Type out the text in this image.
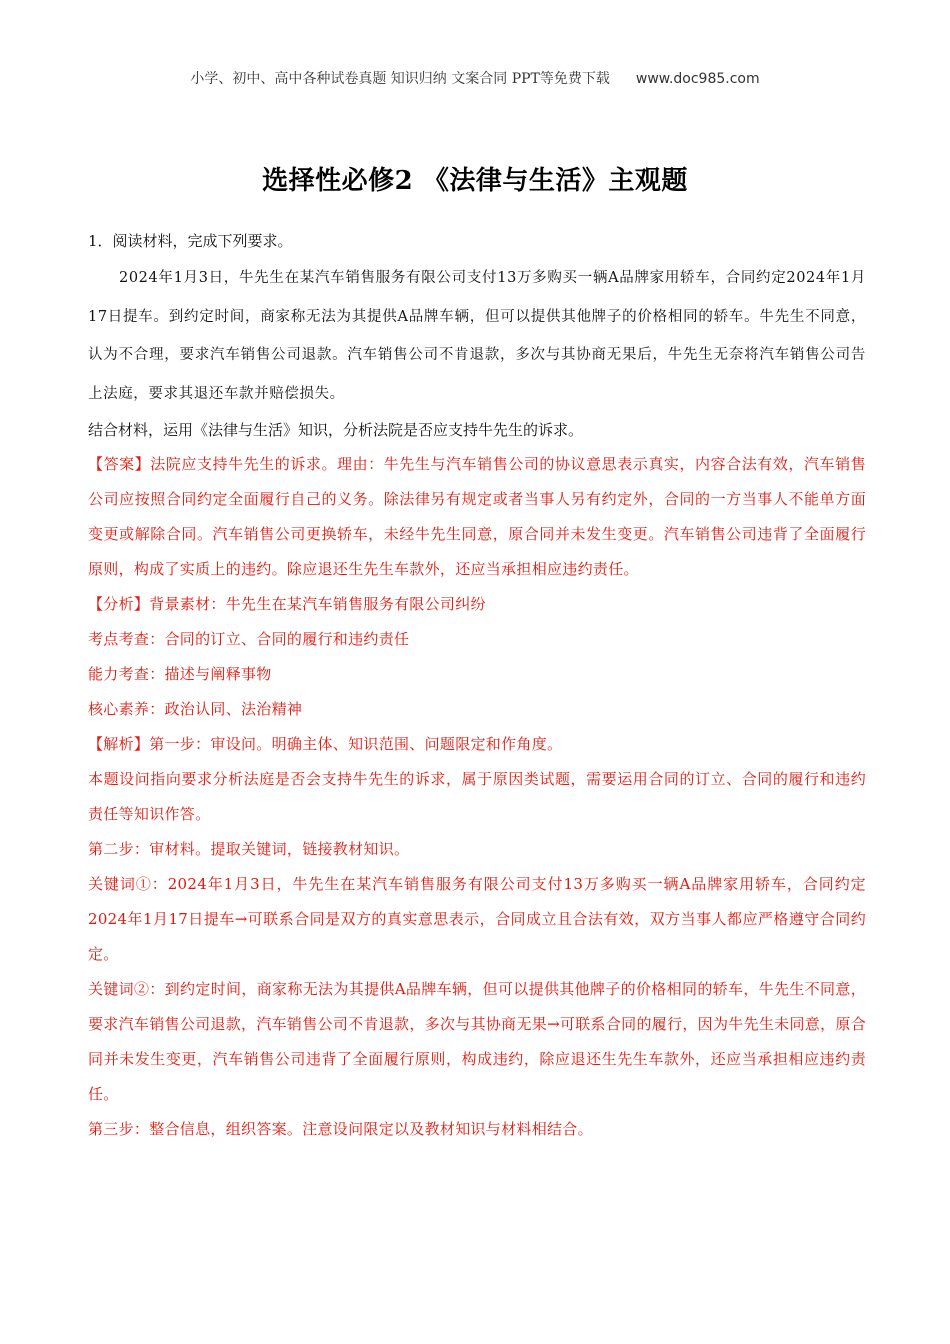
小学、初中、高中各种试卷真题 知识归纳 文案合同 PPT等免费下载 www.doc985.com
选择性必修2 《法律与生活》主观题

1．阅读材料，完成下列要求。

2024年1月3日，牛先生在某汽车销售服务有限公司支付13万多购买一辆A品牌家用轿车，合同约定2024年1月17日提车。到约定时间，商家称无法为其提供A品牌车辆，但可以提供其他牌子的价格相同的轿车。牛先生不同意，认为不合理，要求汽车销售公司退款。汽车销售公司不肯退款，多次与其协商无果后，牛先生无奈将汽车销售公司告上法庭，要求其退还车款并赔偿损失。

结合材料，运用《法律与生活》知识，分析法院是否应支持牛先生的诉求。

【答案】法院应支持牛先生的诉求。理由：牛先生与汽车销售公司的协议意思表示真实，内容合法有效，汽车销售公司应按照合同约定全面履行自己的义务。除法律另有规定或者当事人另有约定外，合同的一方当事人不能单方面变更或解除合同。汽车销售公司更换轿车，未经牛先生同意，原合同并未发生变更。汽车销售公司违背了全面履行原则，构成了实质上的违约。除应退还生先生车款外，还应当承担相应违约责任。

【分析】背景素材：牛先生在某汽车销售服务有限公司纠纷

考点考查：合同的订立、合同的履行和违约责任

能力考查：描述与阐释事物

核心素养：政治认同、法治精神

【解析】第一步：审设问。明确主体、知识范围、问题限定和作角度。

本题设问指向要求分析法庭是否会支持牛先生的诉求，属于原因类试题，需要运用合同的订立、合同的履行和违约责任等知识作答。

第二步：审材料。提取关键词，链接教材知识。

关键词①：2024年1月3日，牛先生在某汽车销售服务有限公司支付13万多购买一辆A品牌家用轿车，合同约定2024年1月17日提车→可联系合同是双方的真实意思表示，合同成立且合法有效，双方当事人都应严格遵守合同约定。

关键词②：到约定时间，商家称无法为其提供A品牌车辆，但可以提供其他牌子的价格相同的轿车，牛先生不同意，要求汽车销售公司退款，汽车销售公司不肯退款，多次与其协商无果→可联系合同的履行，因为牛先生未同意，原合同并未发生变更，汽车销售公司违背了全面履行原则，构成违约，除应退还生先生车款外，还应当承担相应违约责任。

第三步：整合信息，组织答案。注意设问限定以及教材知识与材料相结合。
